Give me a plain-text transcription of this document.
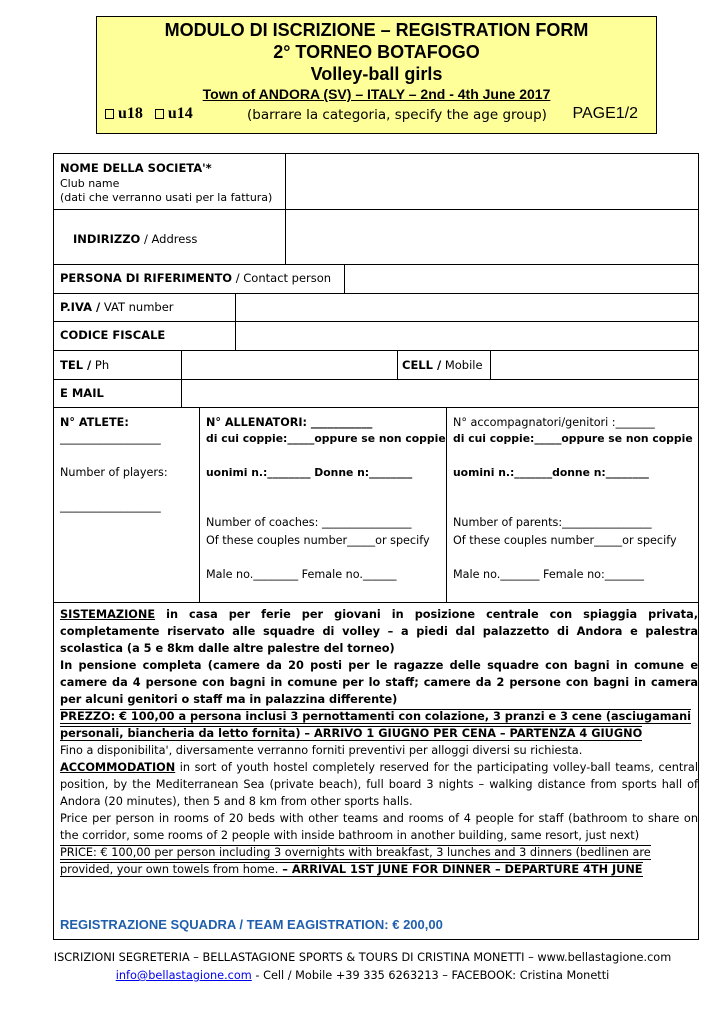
MODULO DI ISCRIZIONE – REGISTRATION FORM
2° TORNEO BOTAFOGO
Volley-ball girls
Town of ANDORA (SV) – ITALY – 2nd - 4th June 2017
u18 u14	(barrare la categoria, specify the age group) PAGE1/2
NOME DELLA SOCIETA'*
Club name
(dati che verranno usati per la fattura)
INDIRIZZO / Address
PERSONA DI RIFERIMENTO / Contact person
P.IVA / VAT number
CODICE FISCALE
TEL / Ph	CELL / Mobile
E MAIL
N° ATLETE:
__________________
Number of players:
__________________
N° ALLENATORI: ___________
di cui coppie:_____oppure se non coppie
uonimi n.:________ Donne n:________
Number of coaches: ________________
Of these couples number_____or specify
Male no.________ Female no.______
N° accompagnatori/genitori :_______
di cui coppie:_____oppure se non coppie
uomini n.:_______donne n:________
Number of parents:________________
Of these couples number_____or specify
Male no._______ Female no:_______

SISTEMAZIONE in casa per ferie per giovani in posizione centrale con spiaggia privata, completamente riservato alle squadre di volley – a piedi dal palazzetto di Andora e palestra scolastica (a 5 e 8km dalle altre palestre del torneo)

In pensione completa (camere da 20 posti per le ragazze delle squadre con bagni in comune e camere da 4 persone con bagni in comune per lo staff; camere da 2 persone con bagni in camera per alcuni genitori o staff ma in palazzina differente)

PREZZO: € 100,00 a persona inclusi 3 pernottamenti con colazione, 3 pranzi e 3 cene (asciugamani personali, biancheria da letto fornita) – ARRIVO 1 GIUGNO PER CENA – PARTENZA 4 GIUGNO

Fino a disponibilita', diversamente verranno forniti preventivi per alloggi diversi su richiesta.

ACCOMMODATION in sort of youth hostel completely reserved for the participating volley-ball teams, central position, by the Mediterranean Sea (private beach), full board 3 nights – walking distance from sports hall of Andora (20 minutes), then 5 and 8 km from other sports halls.

Price per person in rooms of 20 beds with other teams and rooms of 4 people for staff (bathroom to share on the corridor, some rooms of 2 people with inside bathroom in another building, same resort, just next)

PRICE: € 100,00 per person including 3 overnights with breakfast, 3 lunches and 3 dinners (bedlinen are provided, your own towels from home. – ARRIVAL 1ST JUNE FOR DINNER – DEPARTURE 4TH JUNE

REGISTRAZIONE SQUADRA / TEAM EAGISTRATION: € 200,00
ISCRIZIONI SEGRETERIA – BELLASTAGIONE SPORTS & TOURS DI CRISTINA MONETTI – www.bellastagione.com
info@bellastagione.com - Cell / Mobile +39 335 6263213 – FACEBOOK: Cristina Monetti
